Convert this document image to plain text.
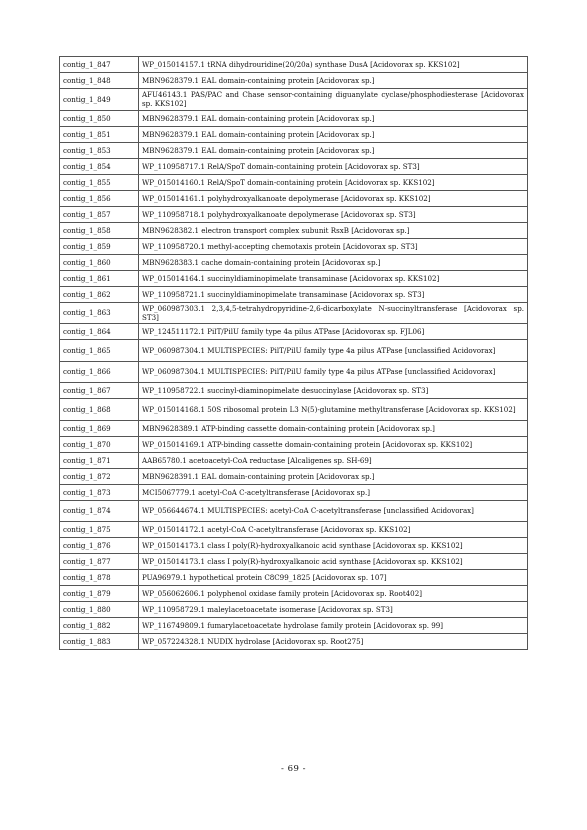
contig_1_847	WP_015014157.1 tRNA dihydrouridine(20/20a) synthase DusA [Acidovorax sp. KKS102]
contig_1_848	MBN9628379.1 EAL domain-containing protein [Acidovorax sp.]
contig_1_849	AFU46143.1 PAS/PAC and Chase sensor-containing diguanylate cyclase/phosphodiesterase [Acidovorax sp. KKS102]
contig_1_850	MBN9628379.1 EAL domain-containing protein [Acidovorax sp.]
contig_1_851	MBN9628379.1 EAL domain-containing protein [Acidovorax sp.]
contig_1_853	MBN9628379.1 EAL domain-containing protein [Acidovorax sp.]
contig_1_854	WP_110958717.1 RelA/SpoT domain-containing protein [Acidovorax sp. ST3]
contig_1_855	WP_015014160.1 RelA/SpoT domain-containing protein [Acidovorax sp. KKS102]
contig_1_856	WP_015014161.1 polyhydroxyalkanoate depolymerase [Acidovorax sp. KKS102]
contig_1_857	WP_110958718.1 polyhydroxyalkanoate depolymerase [Acidovorax sp. ST3]
contig_1_858	MBN9628382.1 electron transport complex subunit RsxB [Acidovorax sp.]
contig_1_859	WP_110958720.1 methyl-accepting chemotaxis protein [Acidovorax sp. ST3]
contig_1_860	MBN9628383.1 cache domain-containing protein [Acidovorax sp.]
contig_1_861	WP_015014164.1 succinyldiaminopimelate transaminase [Acidovorax sp. KKS102]
contig_1_862	WP_110958721.1 succinyldiaminopimelate transaminase [Acidovorax sp. ST3]
contig_1_863	WP_060987303.1 2,3,4,5-tetrahydropyridine-2,6-dicarboxylate N-succinyltransferase [Acidovorax sp. ST3]
contig_1_864	WP_124511172.1 PilT/PilU family type 4a pilus ATPase [Acidovorax sp. FJL06]
contig_1_865	WP_060987304.1 MULTISPECIES: PilT/PilU family type 4a pilus ATPase [unclassified Acidovorax]
contig_1_866	WP_060987304.1 MULTISPECIES: PilT/PilU family type 4a pilus ATPase [unclassified Acidovorax]
contig_1_867	WP_110958722.1 succinyl-diaminopimelate desuccinylase [Acidovorax sp. ST3]
contig_1_868	WP_015014168.1 50S ribosomal protein L3 N(5)-glutamine methyltransferase [Acidovorax sp. KKS102]
contig_1_869	MBN9628389.1 ATP-binding cassette domain-containing protein [Acidovorax sp.]
contig_1_870	WP_015014169.1 ATP-binding cassette domain-containing protein [Acidovorax sp. KKS102]
contig_1_871	AAB65780.1 acetoacetyl-CoA reductase [Alcaligenes sp. SH-69]
contig_1_872	MBN9628391.1 EAL domain-containing protein [Acidovorax sp.]
contig_1_873	MCI5067779.1 acetyl-CoA C-acetyltransferase [Acidovorax sp.]
contig_1_874	WP_056644674.1 MULTISPECIES: acetyl-CoA C-acetyltransferase [unclassified Acidovorax]
contig_1_875	WP_015014172.1 acetyl-CoA C-acetyltransferase [Acidovorax sp. KKS102]
contig_1_876	WP_015014173.1 class I poly(R)-hydroxyalkanoic acid synthase [Acidovorax sp. KKS102]
contig_1_877	WP_015014173.1 class I poly(R)-hydroxyalkanoic acid synthase [Acidovorax sp. KKS102]
contig_1_878	PUA96979.1 hypothetical protein C8C99_1825 [Acidovorax sp. 107]
contig_1_879	WP_056062606.1 polyphenol oxidase family protein [Acidovorax sp. Root402]
contig_1_880	WP_110958729.1 maleylacetoacetate isomerase [Acidovorax sp. ST3]
contig_1_882	WP_116749809.1 fumarylacetoacetate hydrolase family protein [Acidovorax sp. 99]
contig_1_883	WP_057224328.1 NUDIX hydrolase [Acidovorax sp. Root275]
- 69 -
